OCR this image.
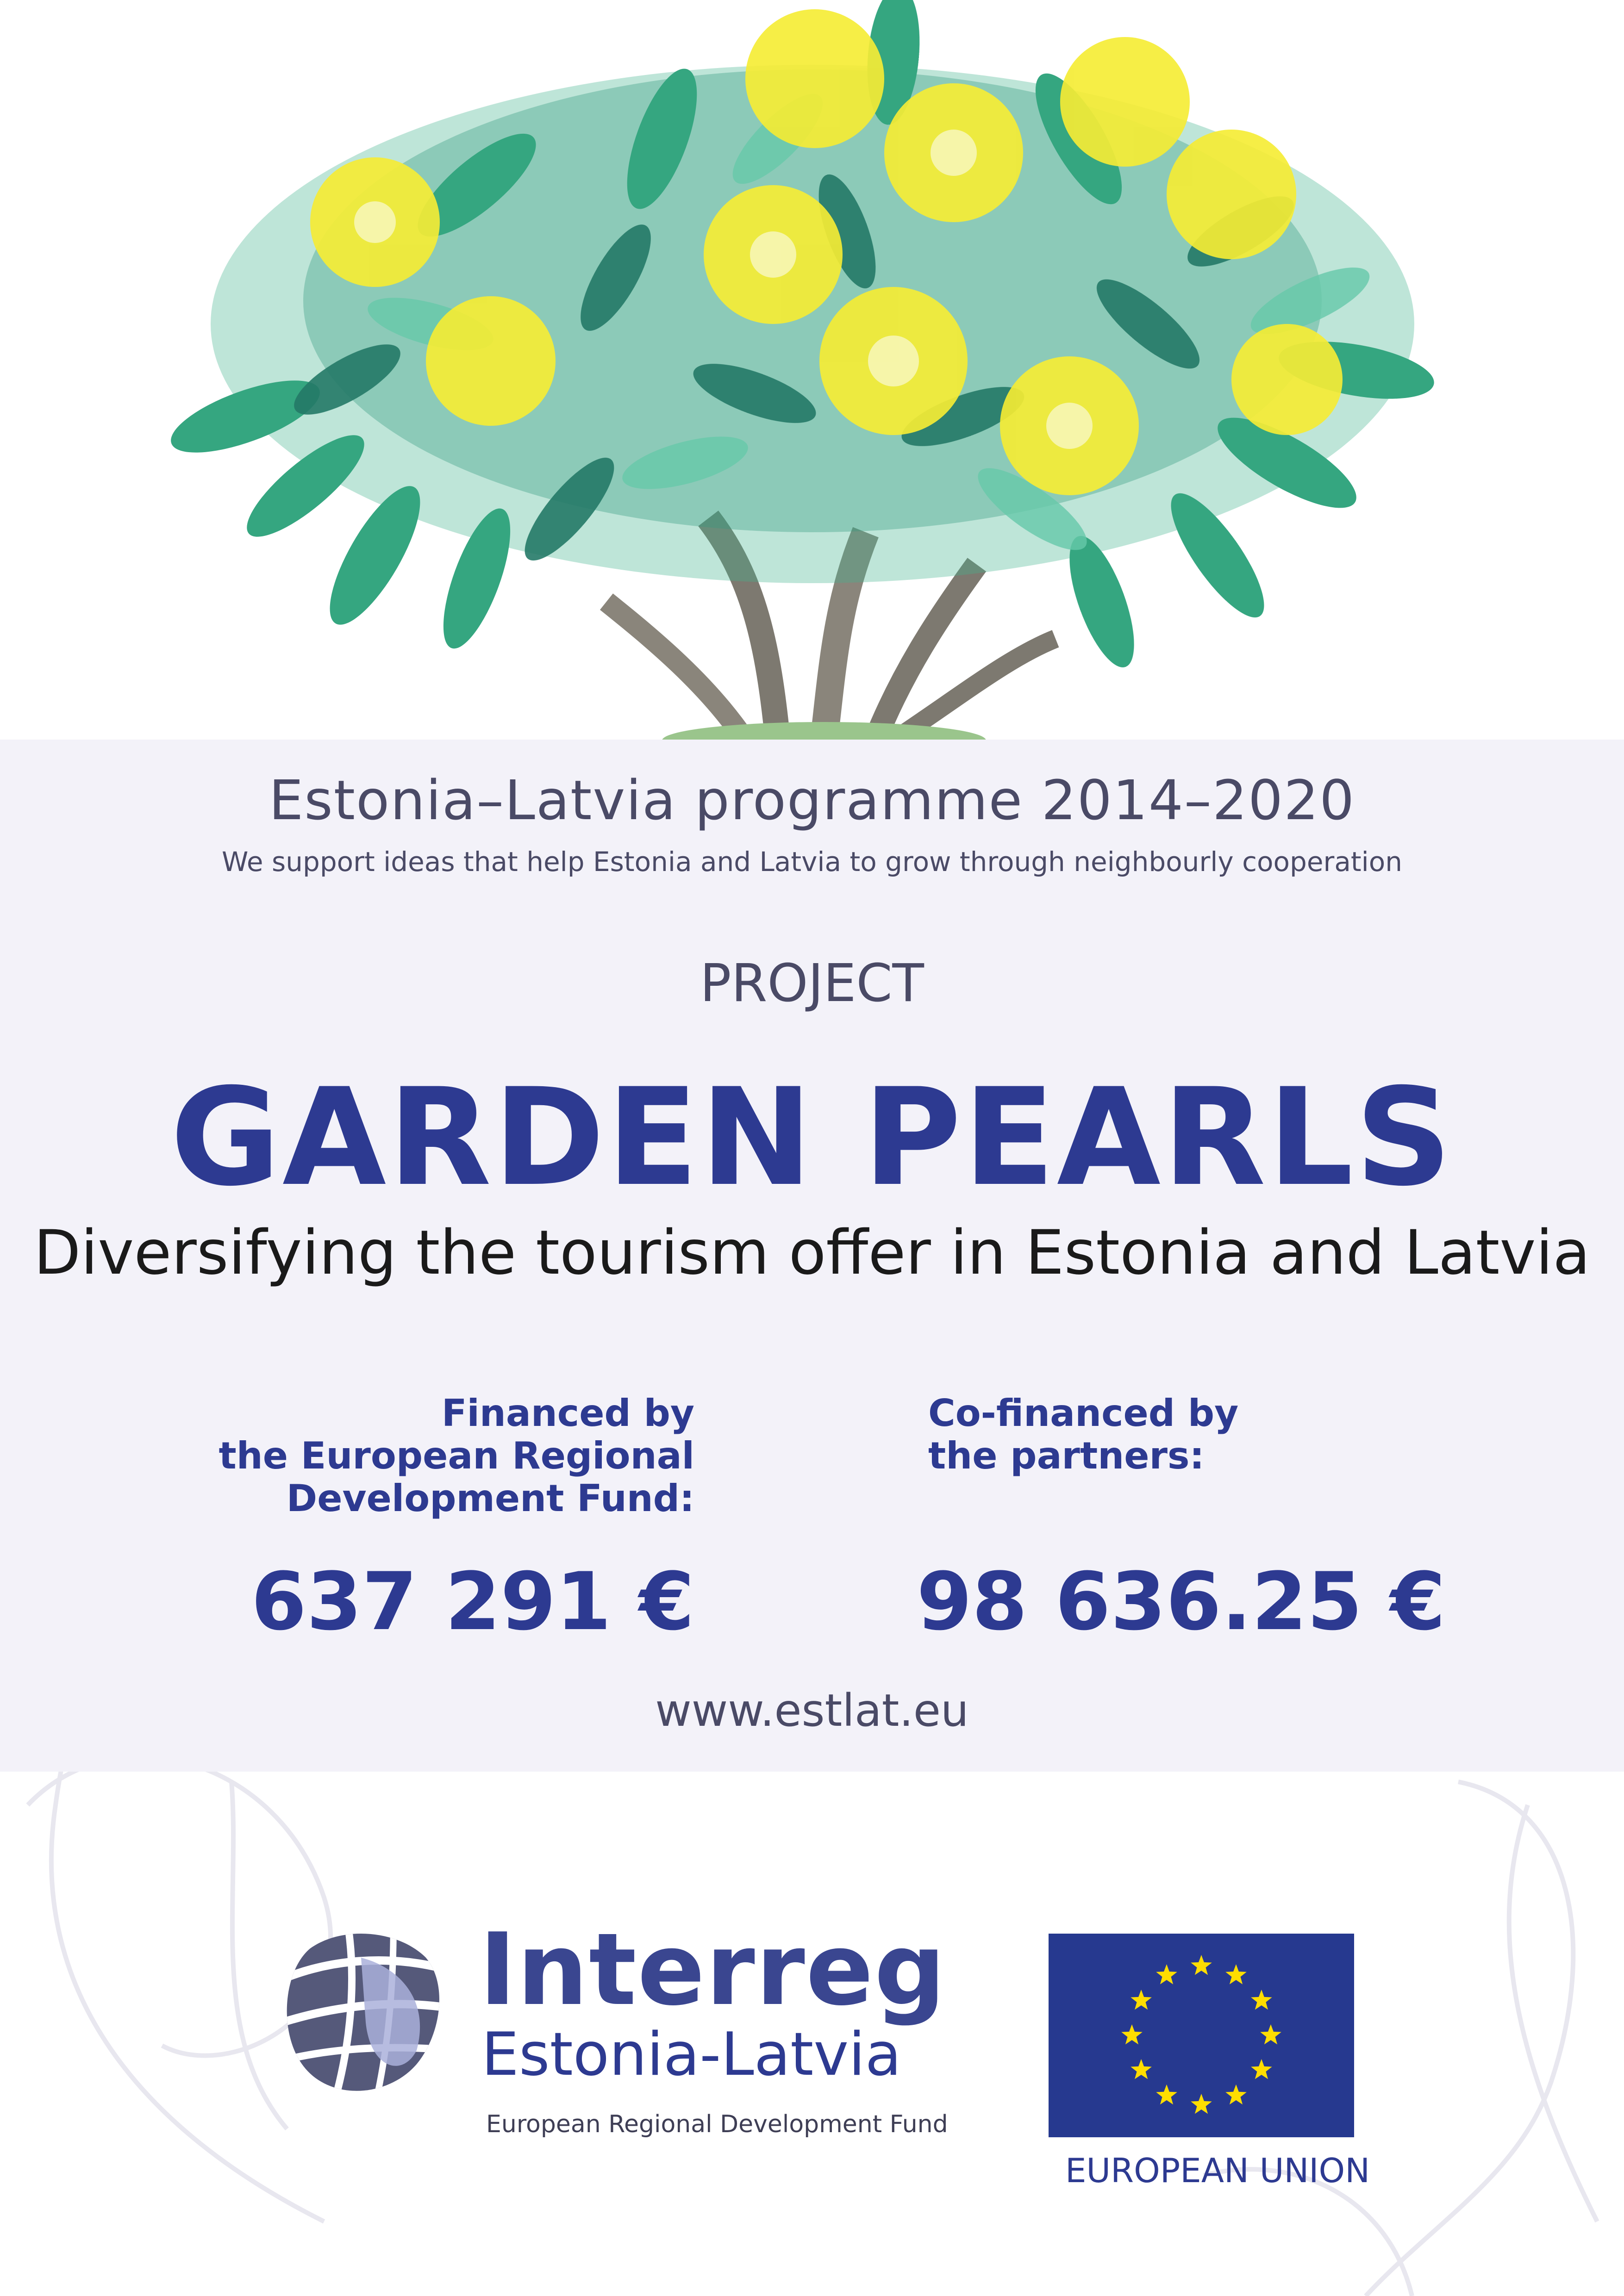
Estonia–Latvia programme 2014–2020
We support ideas that help Estonia and Latvia to grow through neighbourly cooperation
PROJECT
GARDEN PEARLS
Diversifying the tourism offer in Estonia and Latvia
Financed by
the European Regional
Development Fund:
Co-financed by
the partners:
637 291 €	98 636.25 €
www.estlat.eu
Interreg
Estonia-Latvia
European Regional Development Fund
EUROPEAN UNION
